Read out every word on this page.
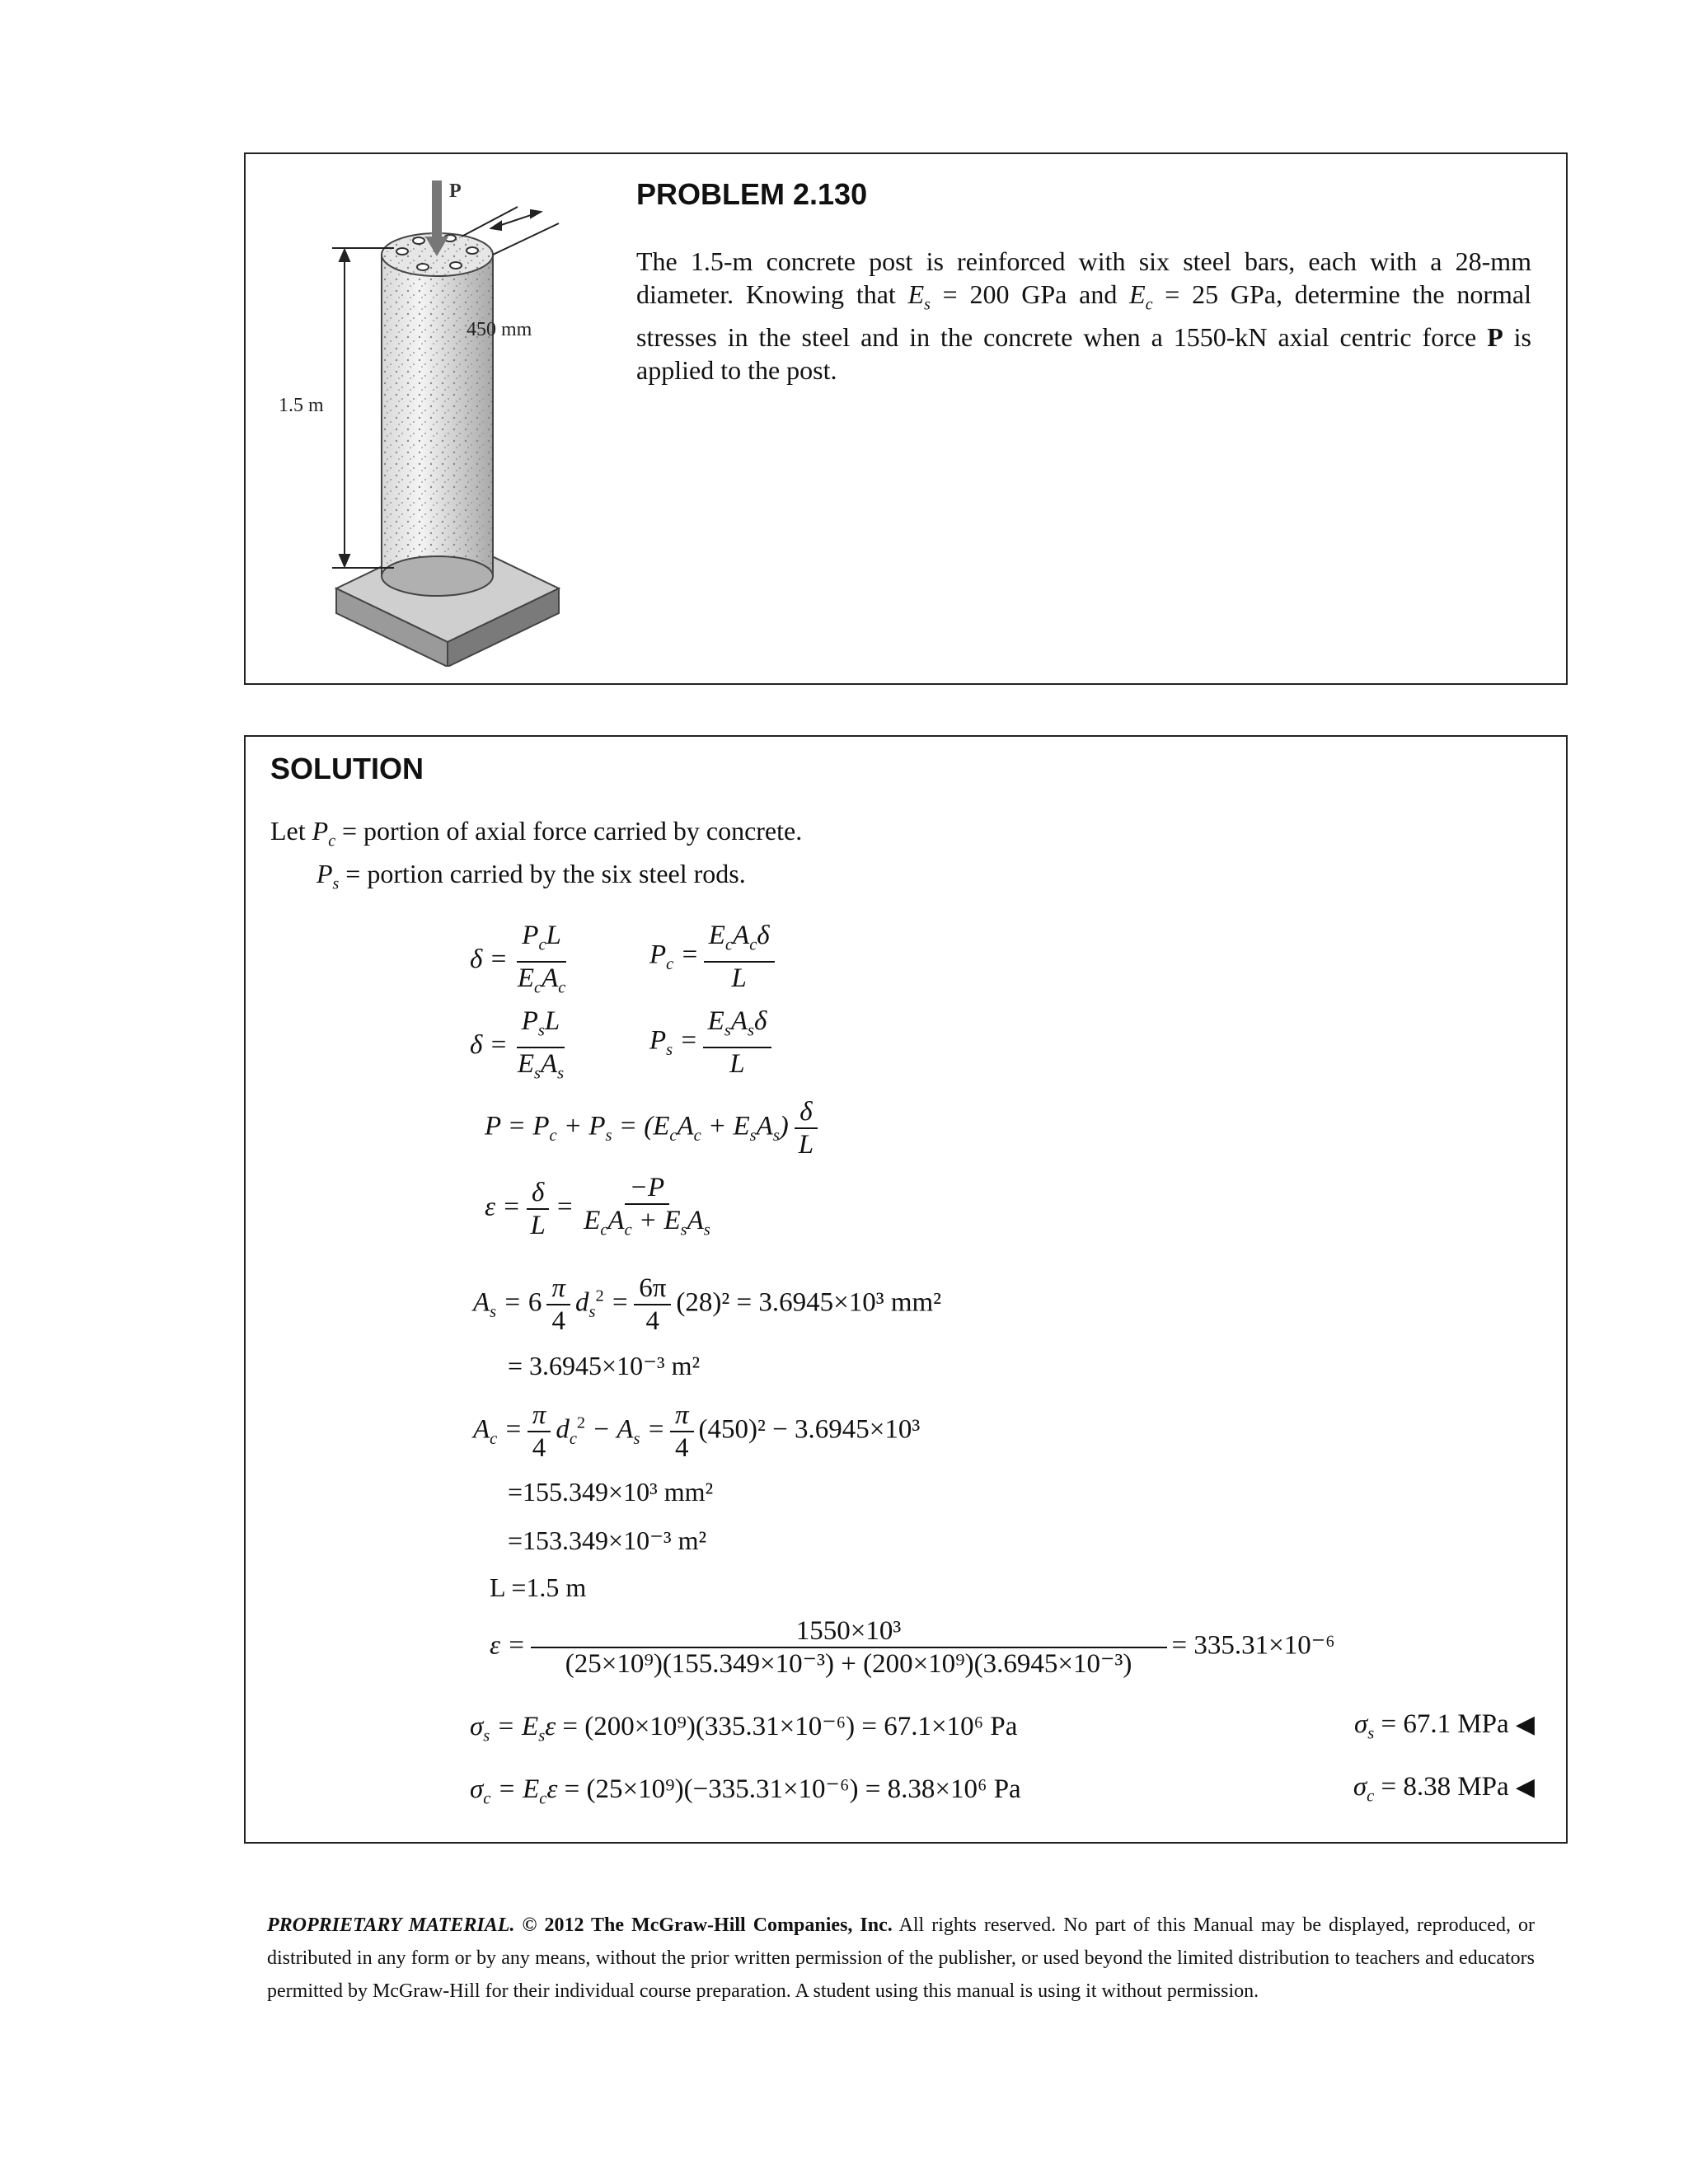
P
450 mm
1.5 m
PROBLEM 2.130
The 1.5-m concrete post is reinforced with six steel bars, each with a 28-mm diameter. Knowing that $E_s = 200$ GPa and $E_c = 25$ GPa, determine the normal stresses in the steel and in the concrete when a 1550-kN axial centric force P is applied to the post.
SOLUTION
Let $P_c$ = portion of axial force carried by concrete.
$P_s$ = portion carried by the six steel rods.
$\delta = \frac{P_cL}{E_cA_c}$	$P_c = \frac{E_cA_c\delta}{L}$
$\delta = \frac{P_sL}{E_sA_s}$	$P_s = \frac{E_sA_s\delta}{L}$
$P = P_c + P_s = (E_cA_c + E_sA_s) \frac{\delta}{L}$
$\varepsilon = \frac{\delta}{L} = \frac{-P}{E_cA_c + E_sA_s}$
$A_s = 6 \frac{\pi}{4} d_s^2 = \frac{6\pi}{4} (28)^2 = 3.6945\times 10^3$ mm²
= 3.6945×10⁻³ m²
$A_c = \frac{\pi}{4} d_c^2 - A_s = \frac{\pi}{4} (450)^2 - 3.6945\times 10^3$
=155.349×10³ mm²
=153.349×10⁻³ m²
L =1.5 m
$\varepsilon = \frac{\text{1550×10³}}{\text{(25×10⁹)(155.349×10⁻³) + (200×10⁹)(3.6945×10⁻³)}} = 335.31\times 10^{-6}$
$\sigma_s = E_s\varepsilon = (200\times 10^9)(335.31\times 10^{-6}) = 67.1\times 10^6$ Pa	$\sigma_s = 67.1$ MPa ◀
$\sigma_c = E_c\varepsilon = (25\times 10^9)(-335.31\times 10^{-6}) = 8.38\times 10^6$ Pa	$\sigma_c = 8.38$ MPa ◀
PROPRIETARY MATERIAL. © 2012 The McGraw-Hill Companies, Inc. All rights reserved. No part of this Manual may be displayed, reproduced, or distributed in any form or by any means, without the prior written permission of the publisher, or used beyond the limited distribution to teachers and educators permitted by McGraw-Hill for their individual course preparation. A student using this manual is using it without permission.
